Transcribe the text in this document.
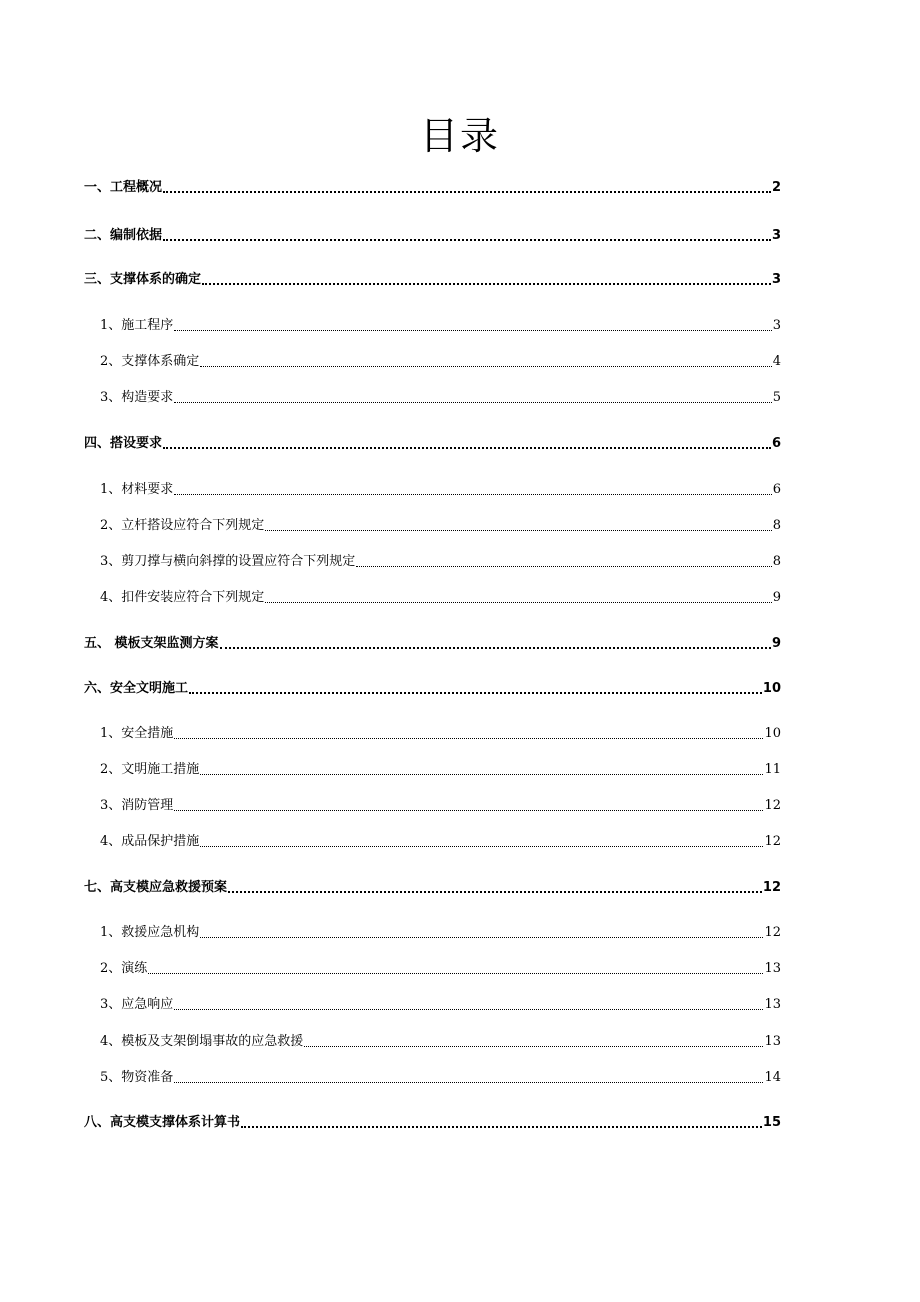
目录
一、工程概况	2
二、编制依据	3
三、支撑体系的确定	3
1、施工程序	3
2、支撑体系确定	4
3、构造要求	5
四、搭设要求	6
1、材料要求	6
2、立杆搭设应符合下列规定	8
3、剪刀撑与横向斜撑的设置应符合下列规定	8
4、扣件安装应符合下列规定	9
五、 模板支架监测方案	9
六、安全文明施工	10
1、安全措施	10
2、文明施工措施	11
3、消防管理	12
4、成品保护措施	12
七、高支模应急救援预案	12
1、救援应急机构	12
2、演练	13
3、应急响应	13
4、模板及支架倒塌事故的应急救援	13
5、物资准备	14
八、高支模支撑体系计算书	15
